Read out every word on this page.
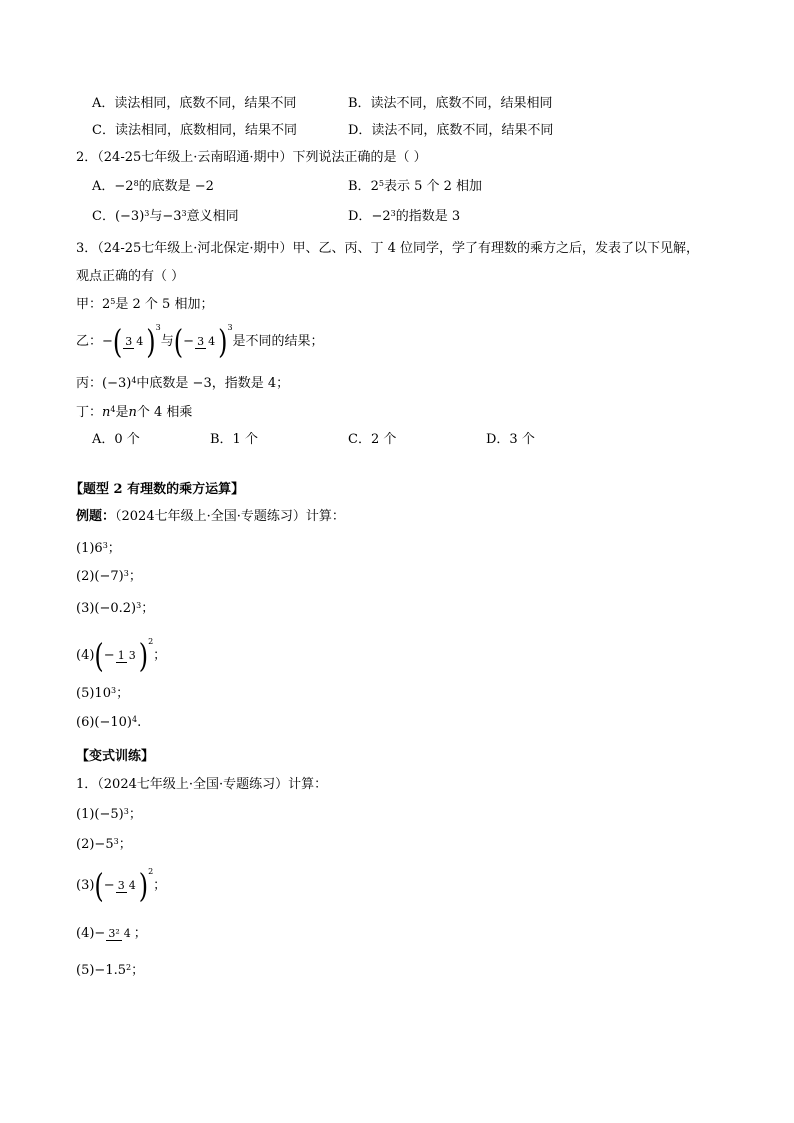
A．读法相同，底数不同，结果不同	B．读法不同，底数不同，结果相同
C．读法相同，底数相同，结果不同	D．读法不同，底数不同，结果不同
2．（24-25七年级上·云南昭通·期中）下列说法正确的是（ ）
A．$-2^8$的底数是 −2	B．$2^5$表示 5 个 2 相加
C．$(-3)^3$与$-3^3$意义相同	D．$-2^3$的指数是 3
3．（24-25七年级上·河北保定·期中）甲、乙、丙、丁 4 位同学，学了有理数的乘方之后，发表了以下见解，
观点正确的有（ ）
甲：$2^5$是 2 个 5 相加；
乙： − ( 3 4 )$^3$
与 ( − 3 4 )$^3$
是不同的结果；
丙：$(-3)^4$中底数是 −3，指数是 4；
丁：$n^4$是n个 4 相乘
A．0 个	B．1 个	C．2 个	D．3 个
【题型 2 有理数的乘方运算】
例题：（2024七年级上·全国·专题练习）计算：
(1) $6^3$ ；
(2) $(-7)^3$ ；
(3) $(-0.2)^3$ ；
(4) ( − 1 3 )$^2$
；
(5) $10^3$ ；
(6) $(-10)^4$ .
【变式训练】
1．（2024七年级上·全国·专题练习）计算：
(1) $(-5)^3$ ；
$(2) -5^3$ ；
(3) ( − 3 4 )$^2$
；
(4) − 3² 4 ；
$(5) -1.5^2$ ；
